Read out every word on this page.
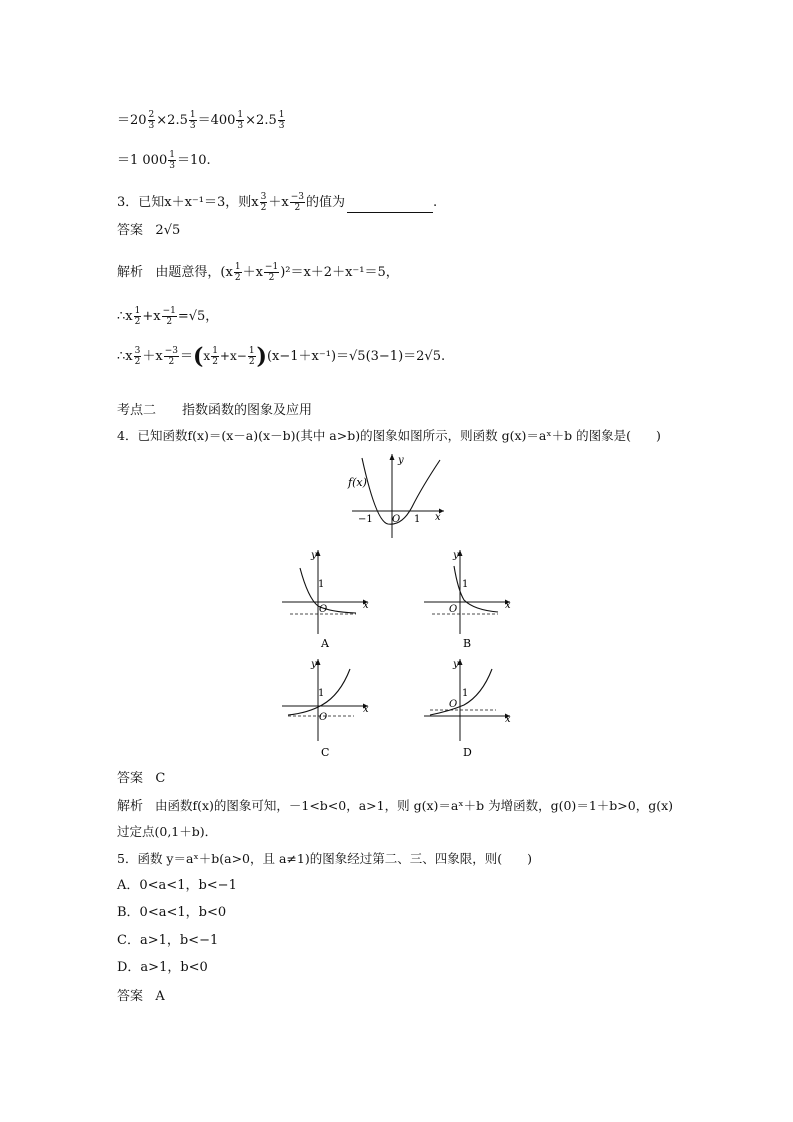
$=20 \frac{2}{3} \times 2.5 \frac{1}{3} =400 \frac{1}{3} \times 2.5 \frac{1}{3}$
＝1 $000 \frac{1}{3} =10$.
3．已知x＋x⁻¹＝3，则x $\frac{3}{2} +x \frac{-3}{2}$ 的值为	.
答案 2√5
解析 由题意得，$(x \frac{1}{2} +x \frac{-1}{2} )^2=x+2+x^{-1}=5$，
∴x $\frac{1}{2} +x \frac{-1}{2} =√5$，
∴x $\frac{3}{2} +x \frac{-3}{2} =(x \frac{1}{2} +x- \frac{1}{2} )(x-1+x^{-1})=√5(3-1)=2√5$.
考点二　　指数函数的图象及应用
4．已知函数f(x)＝(x－a)(x－b)(其中 a>b)的图象如图所示，则函数 g(x)＝aˣ＋b 的图象是(　　)
y
x
f(x)
−1 O 1
y
x
1
O
A
y
x
1
O
B
y
x
1
O
C
y
x
1
O
D
答案 C
解析 由函数f(x)的图象可知，－1<b<0，a>1，则 g(x)＝aˣ＋b 为增函数，g(0)＝1＋b>0，g(x)
过定点(0,1＋b)．
5．函数 y＝aˣ＋b(a>0，且 a≠1)的图象经过第二、三、四象限，则(　　)
A．0<a<1，b<−1
B．0<a<1，b<0
C．a>1，b<−1
D．a>1，b<0
答案 A
